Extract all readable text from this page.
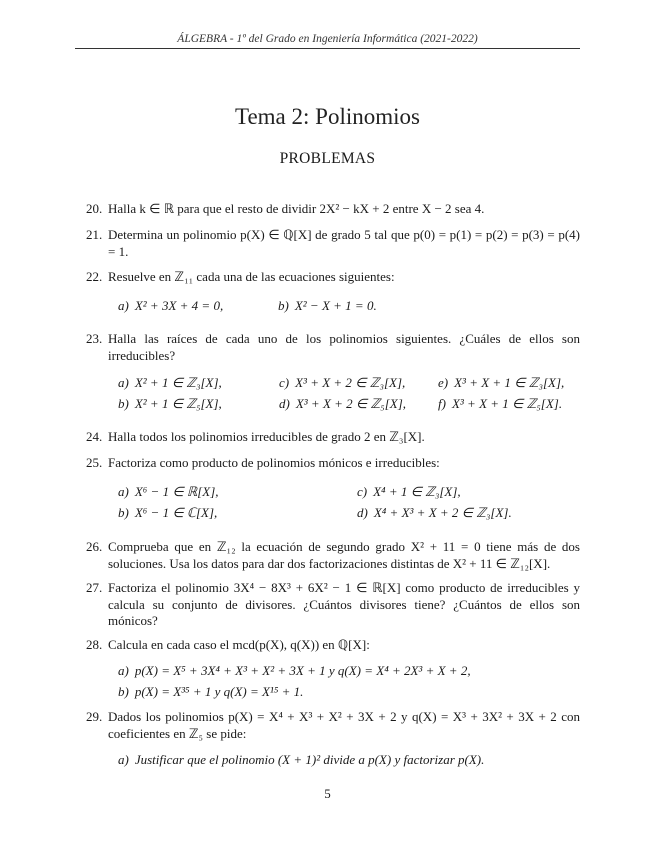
ÁLGEBRA - 1º del Grado en Ingeniería Informática (2021-2022)
Tema 2: Polinomios
PROBLEMAS
20. Halla k ∈ ℝ para que el resto de dividir 2X² − kX + 2 entre X − 2 sea 4.
21. Determina un polinomio p(X) ∈ ℚ[X] de grado 5 tal que p(0) = p(1) = p(2) = p(3) = p(4) = 1.
22. Resuelve en ℤ₁₁ cada una de las ecuaciones siguientes:
a) X² + 3X + 4 = 0,	b) X² − X + 1 = 0.
23. Halla las raíces de cada uno de los polinomios siguientes. ¿Cuáles de ellos son irreducibles?
a) X² + 1 ∈ ℤ₃[X],
b) X² + 1 ∈ ℤ₅[X],
c) X³ + X + 2 ∈ ℤ₃[X],
d) X³ + X + 2 ∈ ℤ₅[X],
e) X³ + X + 1 ∈ ℤ₃[X],
f) X³ + X + 1 ∈ ℤ₅[X].
24. Halla todos los polinomios irreducibles de grado 2 en ℤ₃[X].
25. Factoriza como producto de polinomios mónicos e irreducibles:
a) X⁶ − 1 ∈ ℝ[X],
b) X⁶ − 1 ∈ ℂ[X],
c) X⁴ + 1 ∈ ℤ₃[X],
d) X⁴ + X³ + X + 2 ∈ ℤ₃[X].
26. Comprueba que en ℤ₁₂ la ecuación de segundo grado X² + 11 = 0 tiene más de dos soluciones. Usa los datos para dar dos factorizaciones distintas de X² + 11 ∈ ℤ₁₂[X].
27. Factoriza el polinomio 3X⁴ − 8X³ + 6X² − 1 ∈ ℝ[X] como producto de irreducibles y calcula su conjunto de divisores. ¿Cuántos divisores tiene? ¿Cuántos de ellos son mónicos?
28. Calcula en cada caso el mcd(p(X), q(X)) en ℚ[X]:
a) p(X) = X⁵ + 3X⁴ + X³ + X² + 3X + 1 y q(X) = X⁴ + 2X³ + X + 2,
b) p(X) = X³⁵ + 1 y q(X) = X¹⁵ + 1.
29. Dados los polinomios p(X) = X⁴ + X³ + X² + 3X + 2 y q(X) = X³ + 3X² + 3X + 2 con coeficientes en ℤ₅ se pide:
a) Justificar que el polinomio (X + 1)² divide a p(X) y factorizar p(X).
5
